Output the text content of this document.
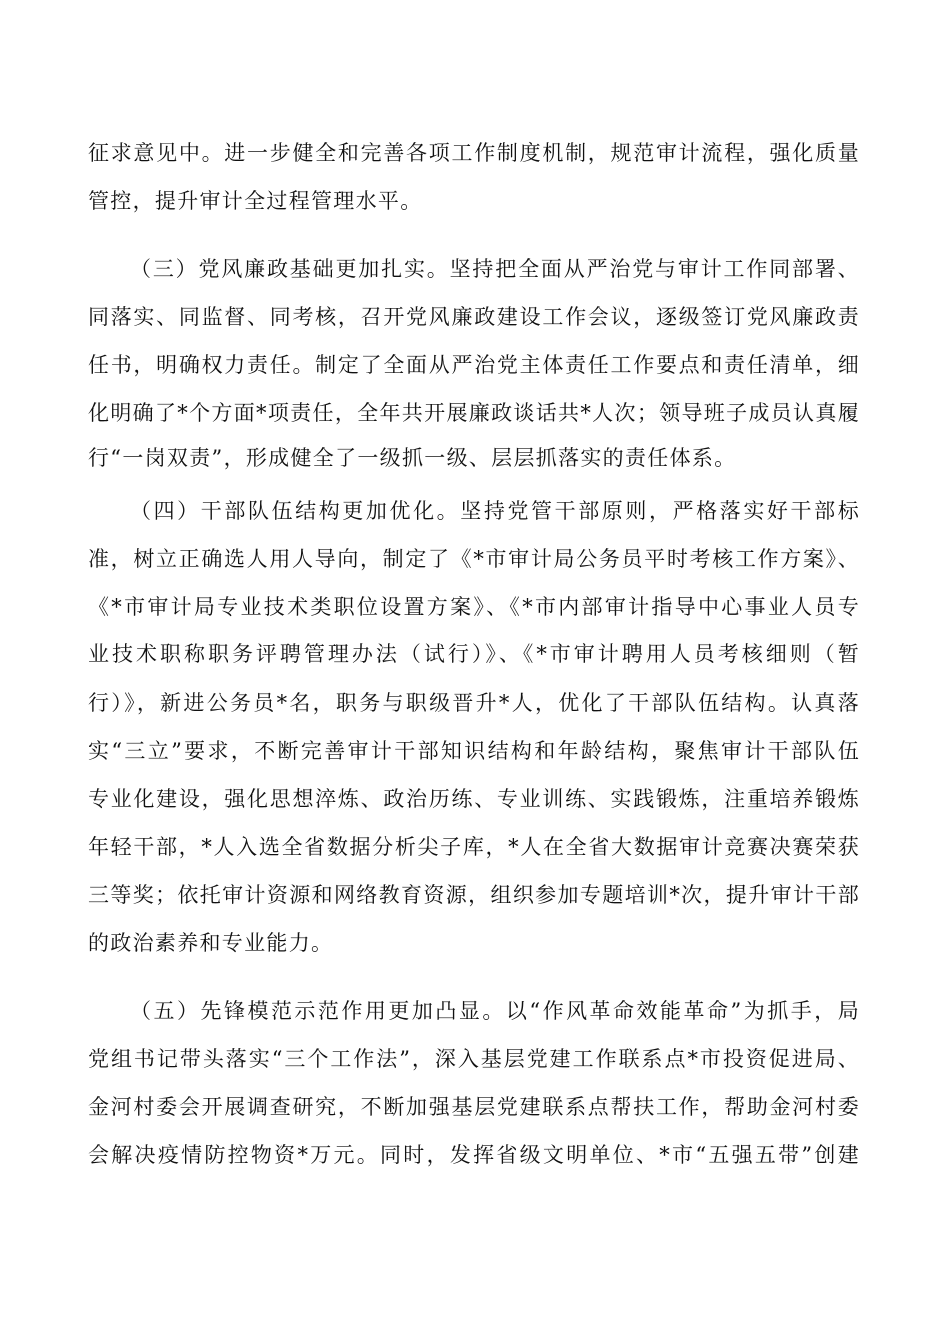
征求意见中。进一步健全和完善各项工作制度机制，规范审计流程，强化质量
管控，提升审计全过程管理水平。
（三）党风廉政基础更加扎实。坚持把全面从严治党与审计工作同部署、
同落实、同监督、同考核，召开党风廉政建设工作会议，逐级签订党风廉政责
任书，明确权力责任。制定了全面从严治党主体责任工作要点和责任清单，细
化明确了*个方面*项责任，全年共开展廉政谈话共*人次；领导班子成员认真履
行“一岗双责”，形成健全了一级抓一级、层层抓落实的责任体系。
（四）干部队伍结构更加优化。坚持党管干部原则，严格落实好干部标
准，树立正确选人用人导向，制定了《*市审计局公务员平时考核工作方案》、
《*市审计局专业技术类职位设置方案》、《*市内部审计指导中心事业人员专
业技术职称职务评聘管理办法（试行）》、《*市审计聘用人员考核细则（暂
行）》，新进公务员*名，职务与职级晋升*人，优化了干部队伍结构。认真落
实“三立”要求，不断完善审计干部知识结构和年龄结构，聚焦审计干部队伍
专业化建设，强化思想淬炼、政治历练、专业训练、实践锻炼，注重培养锻炼
年轻干部，*人入选全省数据分析尖子库，*人在全省大数据审计竞赛决赛荣获
三等奖；依托审计资源和网络教育资源，组织参加专题培训*次，提升审计干部
的政治素养和专业能力。
（五）先锋模范示范作用更加凸显。以“作风革命效能革命”为抓手，局
党组书记带头落实“三个工作法”，深入基层党建工作联系点*市投资促进局、
金河村委会开展调查研究，不断加强基层党建联系点帮扶工作，帮助金河村委
会解决疫情防控物资*万元。同时，发挥省级文明单位、*市“五强五带”创建
